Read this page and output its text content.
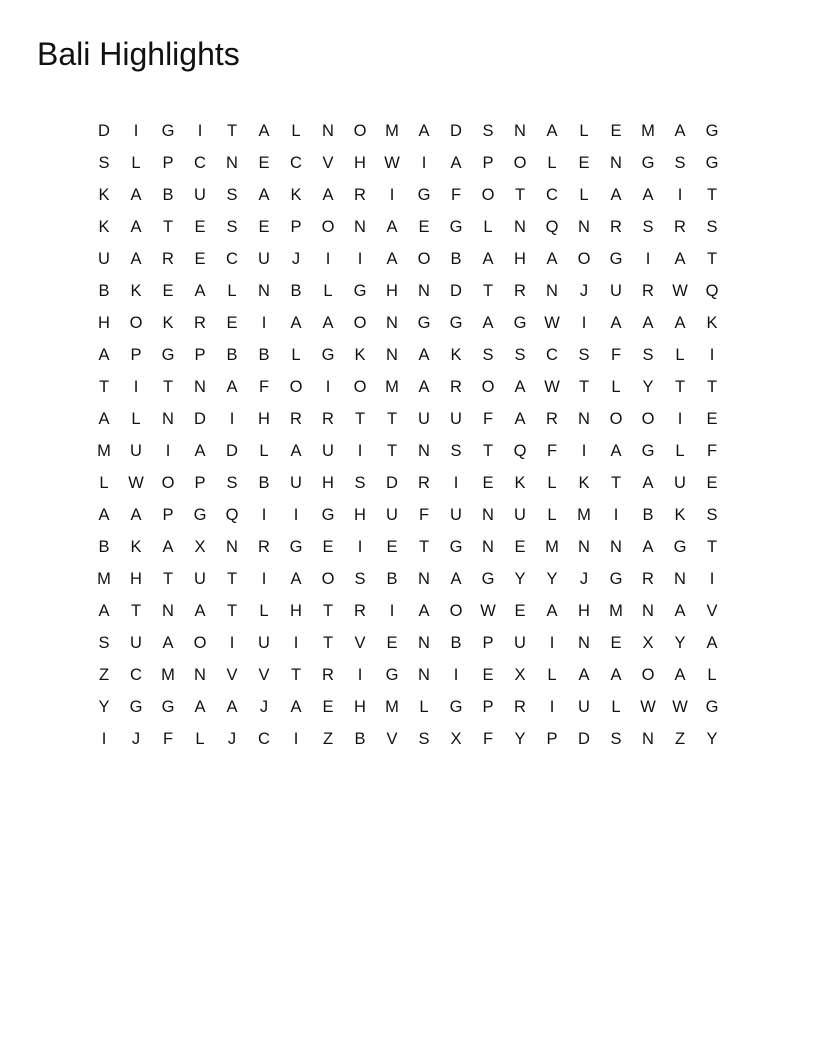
Bali Highlights
D	I	G	I	T	A	L	N	O	M	A	D	S	N	A	L	E	M	A	G
S	L	P	C	N	E	C	V	H	W	I	A	P	O	L	E	N	G	S	G
K	A	B	U	S	A	K	A	R	I	G	F	O	T	C	L	A	A	I	T
K	A	T	E	S	E	P	O	N	A	E	G	L	N	Q	N	R	S	R	S
U	A	R	E	C	U	J	I	I	A	O	B	A	H	A	O	G	I	A	T
B	K	E	A	L	N	B	L	G	H	N	D	T	R	N	J	U	R	W	Q
H	O	K	R	E	I	A	A	O	N	G	G	A	G	W	I	A	A	A	K
A	P	G	P	B	B	L	G	K	N	A	K	S	S	C	S	F	S	L	I
T	I	T	N	A	F	O	I	O	M	A	R	O	A	W	T	L	Y	T	T
A	L	N	D	I	H	R	R	T	T	U	U	F	A	R	N	O	O	I	E
M	U	I	A	D	L	A	U	I	T	N	S	T	Q	F	I	A	G	L	F
L	W	O	P	S	B	U	H	S	D	R	I	E	K	L	K	T	A	U	E
A	A	P	G	Q	I	I	G	H	U	F	U	N	U	L	M	I	B	K	S
B	K	A	X	N	R	G	E	I	E	T	G	N	E	M	N	N	A	G	T
M	H	T	U	T	I	A	O	S	B	N	A	G	Y	Y	J	G	R	N	I
A	T	N	A	T	L	H	T	R	I	A	O	W	E	A	H	M	N	A	V
S	U	A	O	I	U	I	T	V	E	N	B	P	U	I	N	E	X	Y	A
Z	C	M	N	V	V	T	R	I	G	N	I	E	X	L	A	A	O	A	L
Y	G	G	A	A	J	A	E	H	M	L	G	P	R	I	U	L	W W	G
I	J	F	L	J	C	I	Z	B	V	S	X	F	Y	P	D	S	N	Z	Y
